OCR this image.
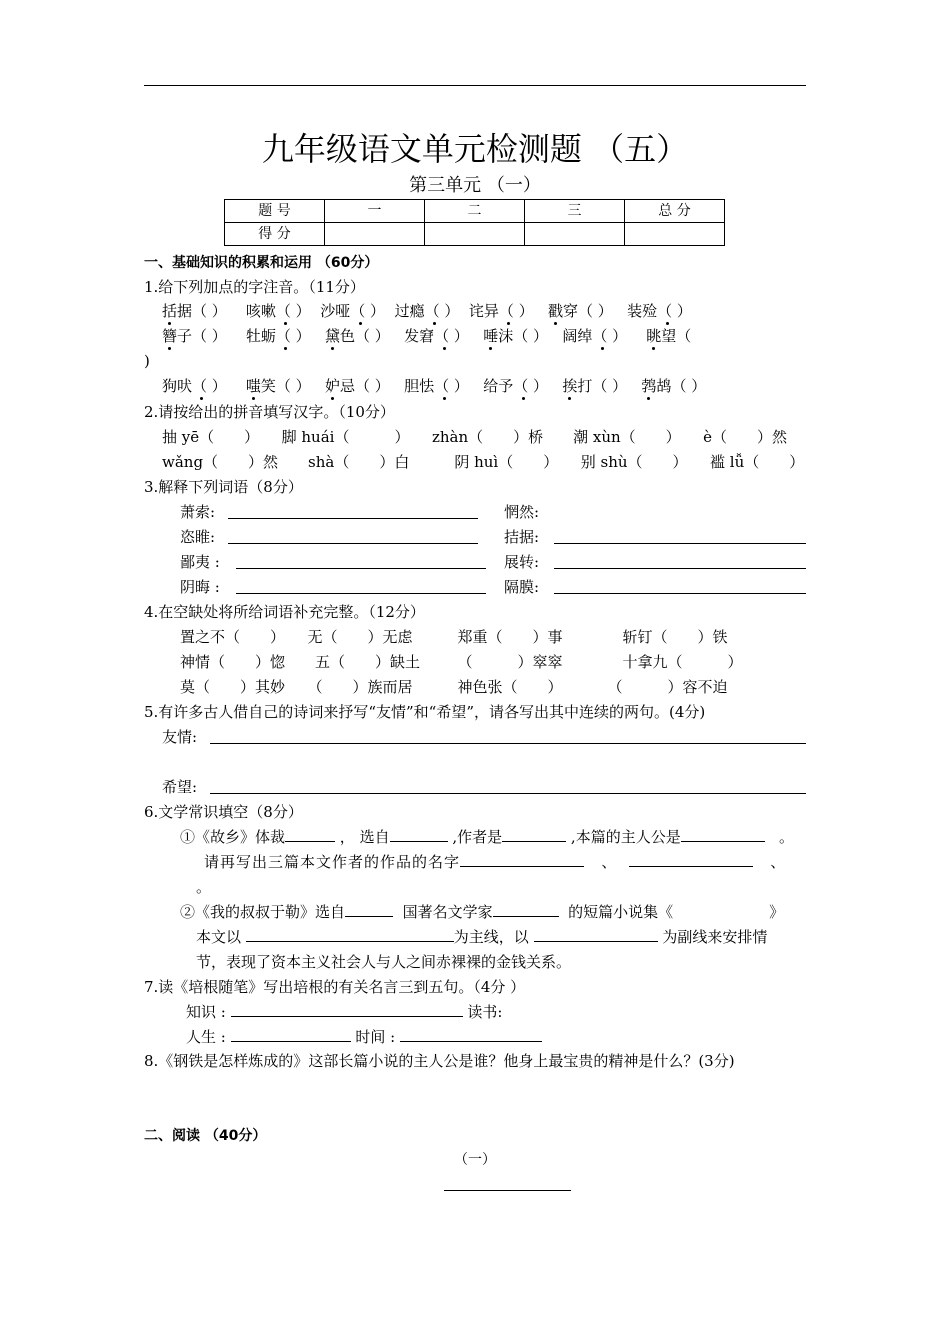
九年级语文单元检测题 （五）
第三单元 （一）
题 号	一	二	三	总 分
得 分				
一、基础知识的积累和运用 （60分）
1.给下列加点的字注音。（11分）
括据（ ） 咳嗽（ ） 沙哑（ ） 过瘾（ ） 诧异（ ） 戳穿（ ） 装殓（ ）
簪子（ ） 牡蛎（ ） 黛色（ ） 发窘（ ） 唾沫（ ） 阔绰（ ） 眺望（
)
狗吠（ ） 嗤笑（ ） 妒忌（ ） 胆怯（ ） 给予（ ） 挨打（ ） 鹁鸪（ ）
2.请按给出的拼音填写汉字。（10分）
抽 yē（　　）　　脚 huái（　　　）　　zhàn（　　）桥　　潮 xùn（　　）　　è（　　）然
wǎng（　　）然　　shà（　　）白　　　阴 huì（　　）　　别 shù（　　）　　褴 lǚ（　　）
3.解释下列词语（8分）
萧索:	惘然:
恣睢:	拮据:
鄙夷 :	展转:
阴晦 :	隔膜:
4.在空缺处将所给词语补充完整。（12分）
置之不（　　）　　无（　　）无虑　　　郑重（　　）事　　　　斩钉（　　）铁
神情（　　）惚　　五（　　）缺土　　　（　　　）窣窣　　　　十拿九（　　　）
莫（　　）其妙　　（　　）族而居　　　神色张（　　）　　　　（　　　）容不迫
5.有许多古人借自己的诗词来抒写“友情”和“希望”，请各写出其中连续的两句。(4分)
友情:
希望:
6.文学常识填空（8分）
①《故乡》体裁	， 选自	,作者是	,本篇的主人公是	。
请再写出三篇本文作者的作品的名字	、	、
。
②《我的叔叔于勒》选自	国著名文学家	的短篇小说集《	》
本文以	为主线，以	为副线来安排情
节，表现了资本主义社会人与人之间赤裸裸的金钱关系。
7.读《培根随笔》写出培根的有关名言三到五句。（4分 ）
知识 :	读书:
人生 :	时间 :
8.《钢铁是怎样炼成的》这部长篇小说的主人公是谁？他身上最宝贵的精神是什么？(3分)
二、阅读 （40分）
（一）
